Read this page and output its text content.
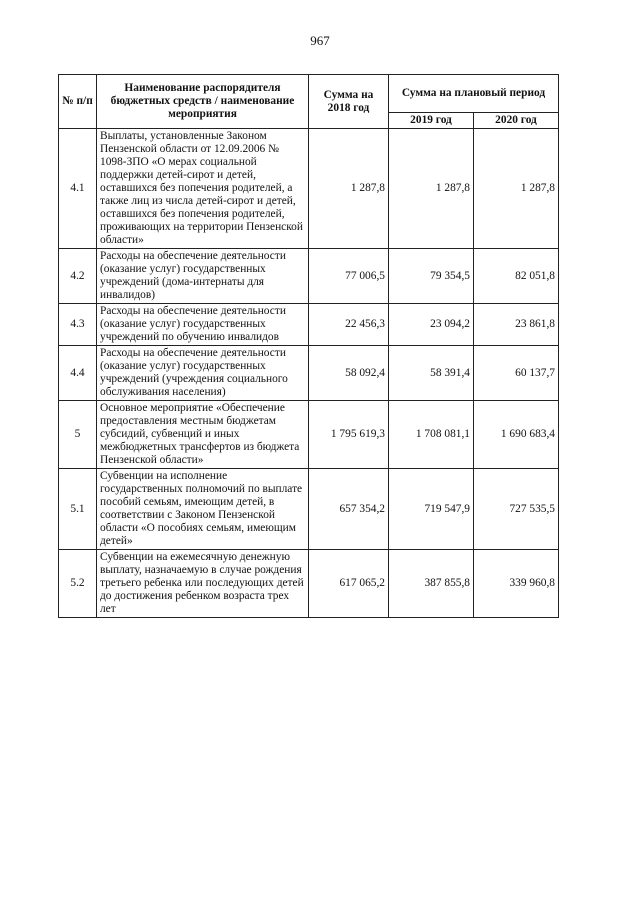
967
№ п/п	Наименование распорядителя бюджетных средств / наименование мероприятия	Сумма на 2018 год	Сумма на плановый период	
			2019 год	2020 год
4.1	Выплаты, установленные Законом Пензенской области от 12.09.2006 № 1098-ЗПО «О мерах социальной поддержки детей-сирот и детей, оставшихся без попечения родителей, а также лиц из числа детей-сирот и детей, оставшихся без попечения родителей, проживающих на территории Пензенской области»	1 287,8	1 287,8	1 287,8
4.2	Расходы на обеспечение деятельности (оказание услуг) государственных учреждений (дома-интернаты для инвалидов)	77 006,5	79 354,5	82 051,8
4.3	Расходы на обеспечение деятельности (оказание услуг) государственных учреждений по обучению инвалидов	22 456,3	23 094,2	23 861,8
4.4	Расходы на обеспечение деятельности (оказание услуг) государственных учреждений (учреждения социального обслуживания населения)	58 092,4	58 391,4	60 137,7
5	Основное мероприятие «Обеспечение предоставления местным бюджетам субсидий, субвенций и иных межбюджетных трансфертов из бюджета Пензенской области»	1 795 619,3	1 708 081,1	1 690 683,4
5.1	Субвенции на исполнение государственных полномочий по выплате пособий семьям, имеющим детей, в соответствии с Законом Пензенской области «О пособиях семьям, имеющим детей»	657 354,2	719 547,9	727 535,5
5.2	Субвенции на ежемесячную денежную выплату, назначаемую в случае рождения третьего ребенка или последующих детей до достижения ребенком возраста трех лет	617 065,2	387 855,8	339 960,8
